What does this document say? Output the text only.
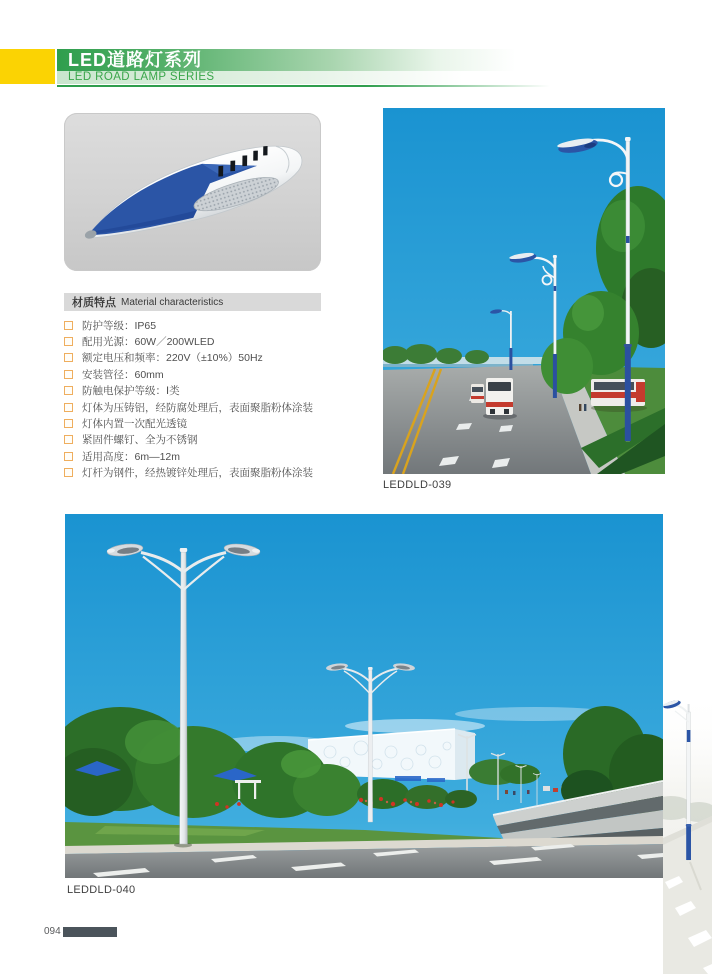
LED道路灯系列
LED ROAD LAMP SERIES
材质特点 Material characteristics
防护等级：IP65
配用光源：60W／200WLED
额定电压和频率：220V（±10%）50Hz
安装管径：60mm
防触电保护等级：Ⅰ类
灯体为压铸铝，经防腐处理后，表面聚脂粉体涂装
灯体内置一次配光透镜
紧固件螺钉、全为不锈钢
适用高度：6m—12m
灯杆为钢件，经热镀锌处理后，表面聚脂粉体涂装
LEDDLD-039
LEDDLD-040
094
